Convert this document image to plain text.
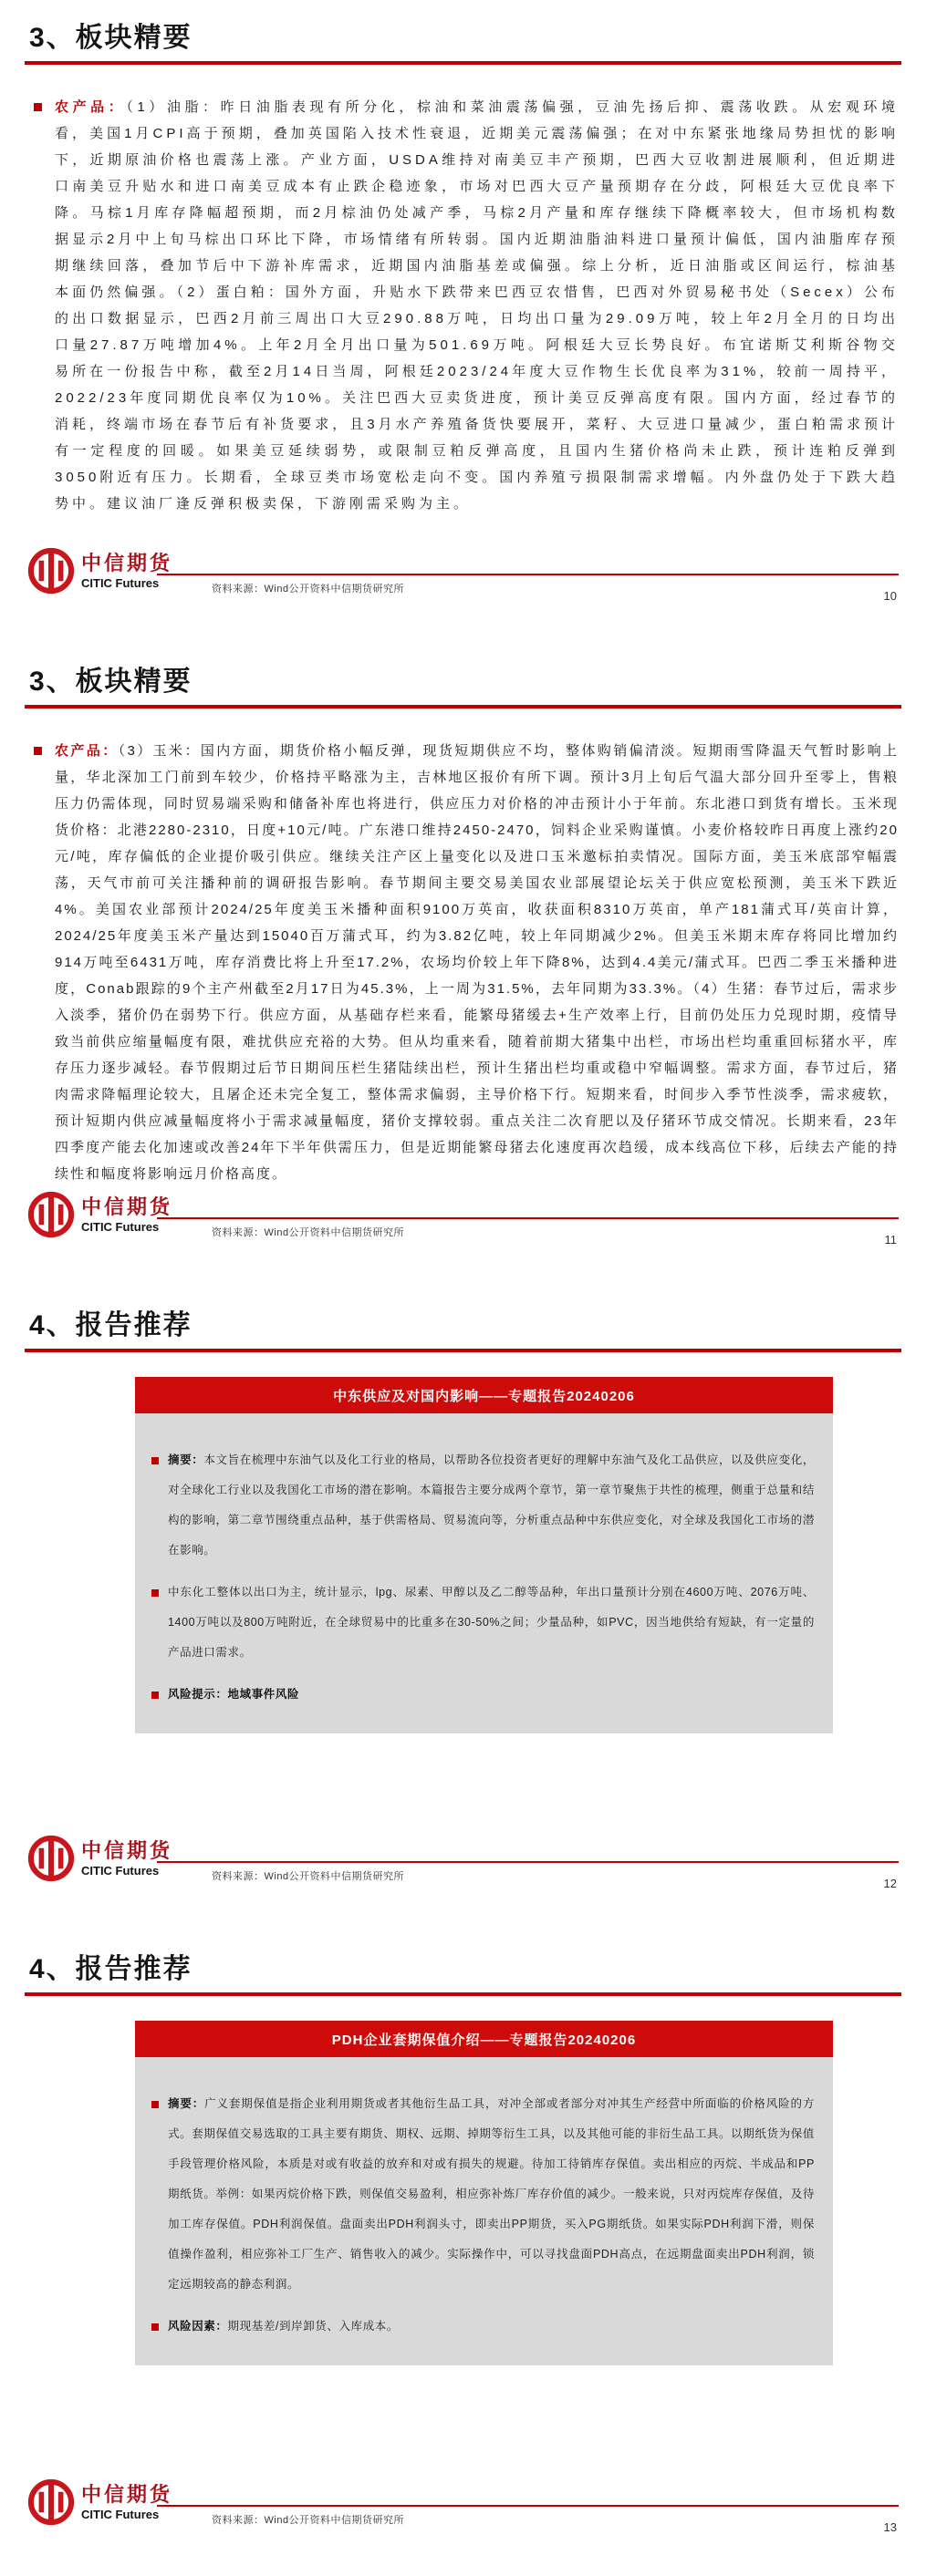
3、板块精要

农产品：（1）油脂：昨日油脂表现有所分化，棕油和菜油震荡偏强，豆油先扬后抑、震荡收跌。从宏观环境看，美国1月CPI高于预期，叠加英国陷入技术性衰退，近期美元震荡偏强；在对中东紧张地缘局势担忧的影响下，近期原油价格也震荡上涨。产业方面，USDA维持对南美豆丰产预期，巴西大豆收割进展顺利，但近期进口南美豆升贴水和进口南美豆成本有止跌企稳迹象，市场对巴西大豆产量预期存在分歧，阿根廷大豆优良率下降。马棕1月库存降幅超预期，而2月棕油仍处减产季，马棕2月产量和库存继续下降概率较大，但市场机构数据显示2月中上旬马棕出口环比下降，市场情绪有所转弱。国内近期油脂油料进口量预计偏低，国内油脂库存预期继续回落，叠加节后中下游补库需求，近期国内油脂基差或偏强。综上分析，近日油脂或区间运行，棕油基本面仍然偏强。（2）蛋白粕：国外方面，升贴水下跌带来巴西豆农惜售，巴西对外贸易秘书处（Secex）公布的出口数据显示，巴西2月前三周出口大豆290.88万吨，日均出口量为29.09万吨，较上年2月全月的日均出口量27.87万吨增加4%。上年2月全月出口量为501.69万吨。阿根廷大豆长势良好。布宜诺斯艾利斯谷物交易所在一份报告中称，截至2月14日当周，阿根廷2023/24年度大豆作物生长优良率为31%，较前一周持平，2022/23年度同期优良率仅为10%。关注巴西大豆卖货进度，预计美豆反弹高度有限。国内方面，经过春节的消耗，终端市场在春节后有补货要求，且3月水产养殖备货快要展开，菜籽、大豆进口量减少，蛋白粕需求预计有一定程度的回暖。如果美豆延续弱势，或限制豆粕反弹高度，且国内生猪价格尚未止跌，预计连粕反弹到3050附近有压力。长期看，全球豆类市场宽松走向不变。国内养殖亏损限制需求增幅。内外盘仍处于下跌大趋势中。建议油厂逢反弹积极卖保，下游刚需采购为主。

中信期货
CITIC Futures	资料来源：Wind公开资料中信期货研究所	10
3、板块精要

农产品：（3）玉米：国内方面，期货价格小幅反弹，现货短期供应不均，整体购销偏清淡。短期雨雪降温天气暂时影响上量，华北深加工门前到车较少，价格持平略涨为主，吉林地区报价有所下调。预计3月上旬后气温大部分回升至零上，售粮压力仍需体现，同时贸易端采购和储备补库也将进行，供应压力对价格的冲击预计小于年前。东北港口到货有增长。玉米现货价格：北港2280-2310，日度+10元/吨。广东港口维持2450-2470，饲料企业采购谨慎。小麦价格较昨日再度上涨约20元/吨，库存偏低的企业提价吸引供应。继续关注产区上量变化以及进口玉米邀标拍卖情况。国际方面，美玉米底部窄幅震荡，天气市前可关注播种前的调研报告影响。春节期间主要交易美国农业部展望论坛关于供应宽松预测，美玉米下跌近4%。美国农业部预计2024/25年度美玉米播种面积9100万英亩，收获面积8310万英亩，单产181蒲式耳/英亩计算，2024/25年度美玉米产量达到15040百万蒲式耳，约为3.82亿吨，较上年同期减少2%。但美玉米期末库存将同比增加约914万吨至6431万吨，库存消费比将上升至17.2%，农场均价较上年下降8%，达到4.4美元/蒲式耳。巴西二季玉米播种进度，Conab跟踪的9个主产州截至2月17日为45.3%，上一周为31.5%，去年同期为33.3%。（4）生猪：春节过后，需求步入淡季，猪价仍在弱势下行。供应方面，从基础存栏来看，能繁母猪缓去+生产效率上行，目前仍处压力兑现时期，疫情导致当前供应缩量幅度有限，难扰供应充裕的大势。但从均重来看，随着前期大猪集中出栏，市场出栏均重重回标猪水平，库存压力逐步减轻。春节假期过后节日期间压栏生猪陆续出栏，预计生猪出栏均重或稳中窄幅调整。需求方面，春节过后，猪肉需求降幅理论较大，且屠企还未完全复工，整体需求偏弱，主导价格下行。短期来看，时间步入季节性淡季，需求疲软，预计短期内供应减量幅度将小于需求减量幅度，猪价支撑较弱。重点关注二次育肥以及仔猪环节成交情况。长期来看，23年四季度产能去化加速或改善24年下半年供需压力，但是近期能繁母猪去化速度再次趋缓，成本线高位下移，后续去产能的持续性和幅度将影响远月价格高度。

中信期货
CITIC Futures	资料来源：Wind公开资料中信期货研究所	11
4、报告推荐
中东供应及对国内影响——专题报告20240206

摘要：本文旨在梳理中东油气以及化工行业的格局，以帮助各位投资者更好的理解中东油气及化工品供应，以及供应变化，对全球化工行业以及我国化工市场的潜在影响。本篇报告主要分成两个章节，第一章节聚焦于共性的梳理，侧重于总量和结构的影响，第二章节围绕重点品种，基于供需格局、贸易流向等，分析重点品种中东供应变化，对全球及我国化工市场的潜在影响。

中东化工整体以出口为主，统计显示，lpg、尿素、甲醇以及乙二醇等品种，年出口量预计分别在4600万吨、2076万吨、1400万吨以及800万吨附近，在全球贸易中的比重多在30-50%之间；少量品种，如PVC，因当地供给有短缺，有一定量的产品进口需求。

风险提示：地域事件风险

中信期货
CITIC Futures	资料来源：Wind公开资料中信期货研究所	12
4、报告推荐
PDH企业套期保值介绍——专题报告20240206

摘要：广义套期保值是指企业利用期货或者其他衍生品工具，对冲全部或者部分对冲其生产经营中所面临的价格风险的方式。套期保值交易选取的工具主要有期货、期权、远期、掉期等衍生工具，以及其他可能的非衍生品工具。以期纸货为保值手段管理价格风险，本质是对或有收益的放弃和对或有损失的规避。待加工待销库存保值。卖出相应的丙烷、半成品和PP期纸货。举例：如果丙烷价格下跌，则保值交易盈利，相应弥补炼厂库存价值的减少。一般来说，只对丙烷库存保值，及待加工库存保值。PDH利润保值。盘面卖出PDH利润头寸，即卖出PP期货，买入PG期纸货。如果实际PDH利润下滑，则保值操作盈利，相应弥补工厂生产、销售收入的减少。实际操作中，可以寻找盘面PDH高点，在远期盘面卖出PDH利润，锁定远期较高的静态利润。

风险因素：期现基差/到岸卸货、入库成本。

中信期货
CITIC Futures	资料来源：Wind公开资料中信期货研究所	13
